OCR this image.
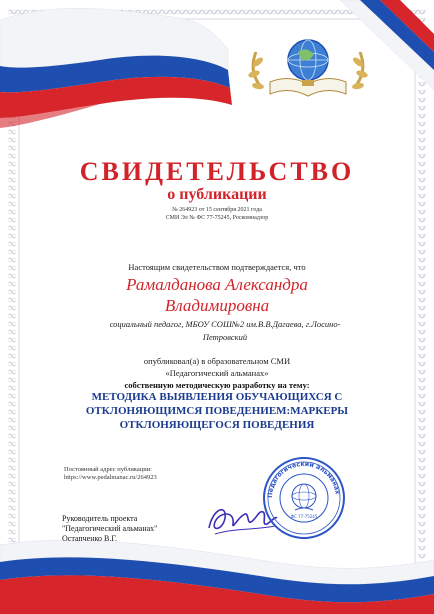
СВИДЕТЕЛЬСТВО
о публикации
№ 264923 от 15 сентября 2021 года
СМИ Эл № ФС 77-75245, Роскомнадзор
Настоящим свидетельством подтверждается, что
Рамалданова Александра
Владимировна
социальный педагог, МБОУ СОШ№2 им.В.В.Дагаева, г.Лосино-Петровский
опубликовал(а) в образовательном СМИ
«Педагогический альманах»
собственную методическую разработку на тему:
МЕТОДИКА ВЫЯВЛЕНИЯ ОБУЧАЮЩИХСЯ С ОТКЛОНЯЮЩИМСЯ ПОВЕДЕНИЕМ:МАРКЕРЫ ОТКЛОНЯЮЩЕГОСЯ ПОВЕДЕНИЯ
Постоянный адрес публикации:
https://www.pedalmanac.ru/264923
Руководитель проекта
"Педагогический альманах"
Остапченко В.Г.
Педагогический альманах
ФС 77-75245
